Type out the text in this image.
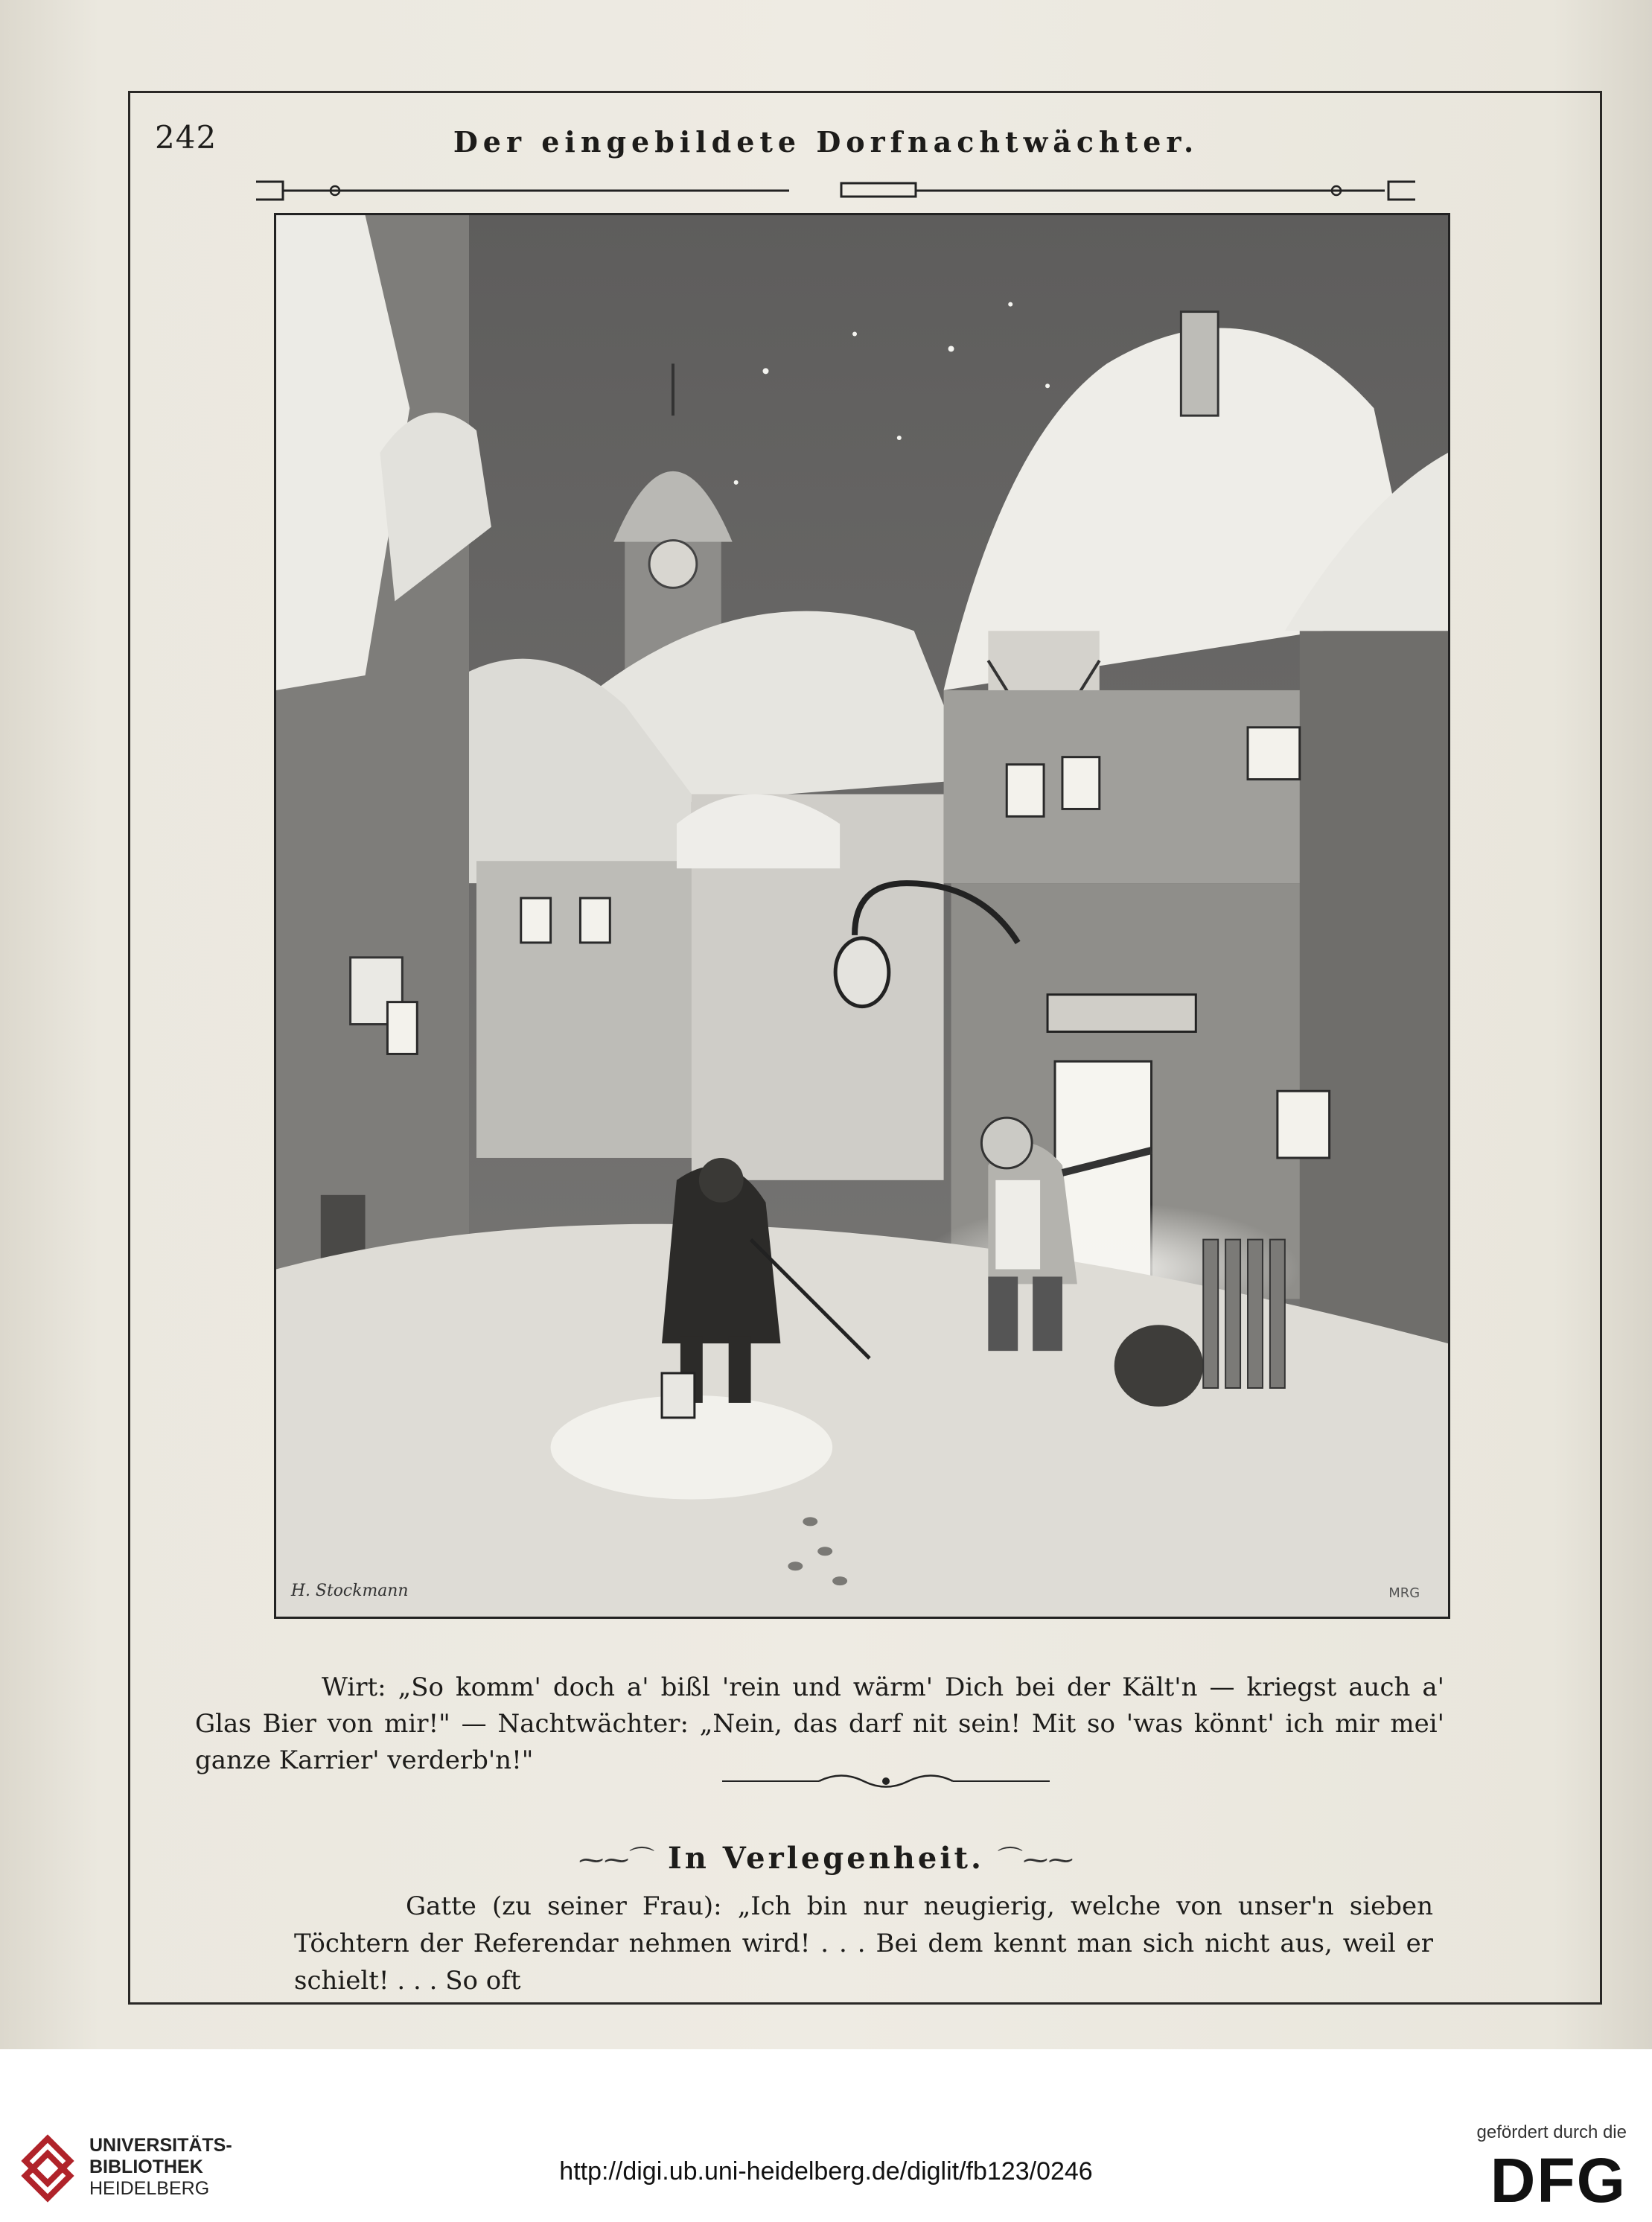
242	Der eingebildete Dorfnachtwächter.
H. Stockmann	MRG
Wirt: „So komm' doch a' bißl 'rein und wärm' Dich bei der Kält'n — kriegst auch a' Glas Bier von mir!" — Nachtwächter: „Nein, das darf nit sein! Mit so 'was könnt' ich mir mei' ganze Karrier' verderb'n!"
⁓⁓⌒ In Verlegenheit. ⌒⁓⁓
Gatte (zu seiner Frau): „Ich bin nur neugierig, welche von unser'n sieben Töchtern der Referendar nehmen wird! . . . Bei dem kennt man sich nicht aus, weil er schielt! . . . So oft
UNIVERSITÄTS-
BIBLIOTHEK
HEIDELBERG
http://digi.ub.uni-heidelberg.de/diglit/fb123/0246
gefördert durch die
DFG
